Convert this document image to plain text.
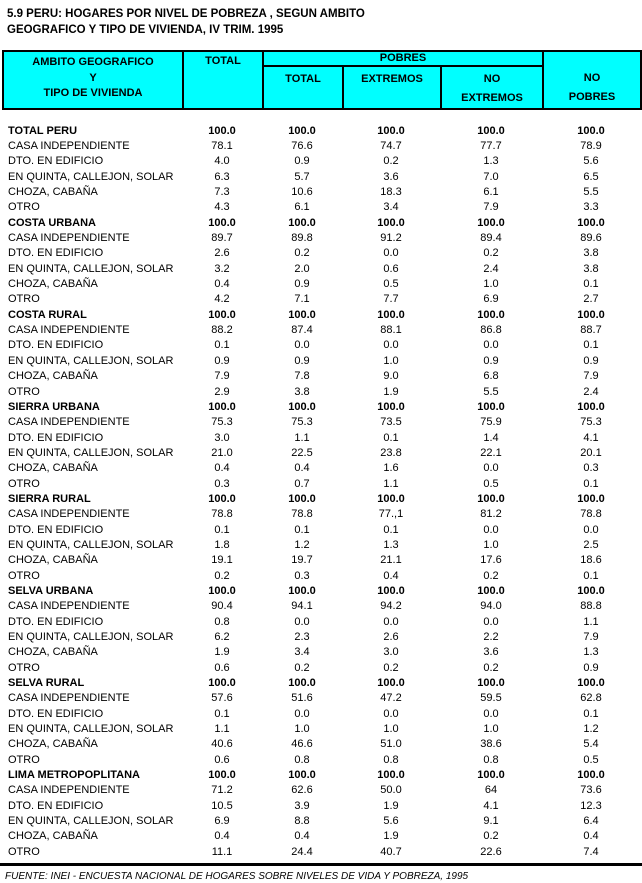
5.9 PERU: HOGARES POR NIVEL DE POBREZA , SEGUN AMBITO
GEOGRAFICO Y TIPO DE VIVIENDA, IV TRIM. 1995
AMBITO GEOGRAFICO
Y
TIPO DE VIVIENDA	TOTAL	POBRES			NO
POBRES

		TOTAL	EXTREMOS	NO
EXTREMOS	
TOTAL PERU	100.0	100.0	100.0	100.0	100.0
CASA INDEPENDIENTE	78.1	76.6	74.7	77.7	78.9
DTO. EN EDIFICIO	4.0	0.9	0.2	1.3	5.6
EN QUINTA, CALLEJON, SOLAR	6.3	5.7	3.6	7.0	6.5
CHOZA, CABAÑA	7.3	10.6	18.3	6.1	5.5
OTRO	4.3	6.1	3.4	7.9	3.3
COSTA URBANA	100.0	100.0	100.0	100.0	100.0
CASA INDEPENDIENTE	89.7	89.8	91.2	89.4	89.6
DTO. EN EDIFICIO	2.6	0.2	0.0	0.2	3.8
EN QUINTA, CALLEJON, SOLAR	3.2	2.0	0.6	2.4	3.8
CHOZA, CABAÑA	0.4	0.9	0.5	1.0	0.1
OTRO	4.2	7.1	7.7	6.9	2.7
COSTA RURAL	100.0	100.0	100.0	100.0	100.0
CASA INDEPENDIENTE	88.2	87.4	88.1	86.8	88.7
DTO. EN EDIFICIO	0.1	0.0	0.0	0.0	0.1
EN QUINTA, CALLEJON, SOLAR	0.9	0.9	1.0	0.9	0.9
CHOZA, CABAÑA	7.9	7.8	9.0	6.8	7.9
OTRO	2.9	3.8	1.9	5.5	2.4
SIERRA URBANA	100.0	100.0	100.0	100.0	100.0
CASA INDEPENDIENTE	75.3	75.3	73.5	75.9	75.3
DTO. EN EDIFICIO	3.0	1.1	0.1	1.4	4.1
EN QUINTA, CALLEJON, SOLAR	21.0	22.5	23.8	22.1	20.1
CHOZA, CABAÑA	0.4	0.4	1.6	0.0	0.3
OTRO	0.3	0.7	1.1	0.5	0.1
SIERRA RURAL	100.0	100.0	100.0	100.0	100.0
CASA INDEPENDIENTE	78.8	78.8	77.,1	81.2	78.8
DTO. EN EDIFICIO	0.1	0.1	0.1	0.0	0.0
EN QUINTA, CALLEJON, SOLAR	1.8	1.2	1.3	1.0	2.5
CHOZA, CABAÑA	19.1	19.7	21.1	17.6	18.6
OTRO	0.2	0.3	0.4	0.2	0.1
SELVA URBANA	100.0	100.0	100.0	100.0	100.0
CASA INDEPENDIENTE	90.4	94.1	94.2	94.0	88.8
DTO. EN EDIFICIO	0.8	0.0	0.0	0.0	1.1
EN QUINTA, CALLEJON, SOLAR	6.2	2.3	2.6	2.2	7.9
CHOZA, CABAÑA	1.9	3.4	3.0	3.6	1.3
OTRO	0.6	0.2	0.2	0.2	0.9
SELVA RURAL	100.0	100.0	100.0	100.0	100.0
CASA INDEPENDIENTE	57.6	51.6	47.2	59.5	62.8
DTO. EN EDIFICIO	0.1	0.0	0.0	0.0	0.1
EN QUINTA, CALLEJON, SOLAR	1.1	1.0	1.0	1.0	1.2
CHOZA, CABAÑA	40.6	46.6	51.0	38.6	5.4
OTRO	0.6	0.8	0.8	0.8	0.5
LIMA METROPOPLITANA	100.0	100.0	100.0	100.0	100.0
CASA INDEPENDIENTE	71.2	62.6	50.0	64	73.6
DTO. EN EDIFICIO	10.5	3.9	1.9	4.1	12.3
EN QUINTA, CALLEJON, SOLAR	6.9	8.8	5.6	9.1	6.4
CHOZA, CABAÑA	0.4	0.4	1.9	0.2	0.4
OTRO	11.1	24.4	40.7	22.6	7.4
FUENTE: INEI - ENCUESTA NACIONAL DE HOGARES SOBRE NIVELES DE VIDA Y POBREZA, 1995
